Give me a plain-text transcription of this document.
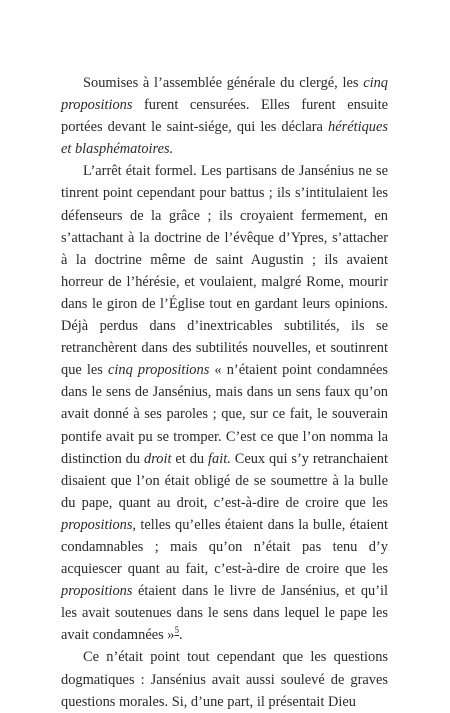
Soumises à l’assemblée générale du clergé, les cinq propositions furent censurées. Elles furent ensuite portées devant le saint-siége, qui les déclara hérétiques et blasphématoires.

L’arrêt était formel. Les partisans de Jansénius ne se tinrent point cependant pour battus ; ils s’intitulaient les défenseurs de la grâce ; ils croyaient fermement, en s’attachant à la doctrine de l’évêque d’Ypres, s’attacher à la doctrine même de saint Augustin ; ils avaient horreur de l’hérésie, et voulaient, malgré Rome, mourir dans le giron de l’Église tout en gardant leurs opinions. Déjà perdus dans d’inextricables subtilités, ils se retranchèrent dans des subtilités nouvelles, et soutinrent que les cinq propositions « n’étaient point condamnées dans le sens de Jansénius, mais dans un sens faux qu’on avait donné à ses paroles ; que, sur ce fait, le souverain pontife avait pu se tromper. C’est ce que l’on nomma la distinction du droit et du fait. Ceux qui s’y retranchaient disaient que l’on était obligé de se soumettre à la bulle du pape, quant au droit, c’est-à-dire de croire que les propositions, telles qu’elles étaient dans la bulle, étaient condamnables ; mais qu’on n’était pas tenu d’y acquiescer quant au fait, c’est-à-dire de croire que les propositions étaient dans le livre de Jansénius, et qu’il les avait soutenues dans le sens dans lequel le pape les avait condamnées »$^5$.

Ce n’était point tout cependant que les questions dogmatiques : Jansénius avait aussi soulevé de graves questions morales. Si, d’une part, il présentait Dieu
